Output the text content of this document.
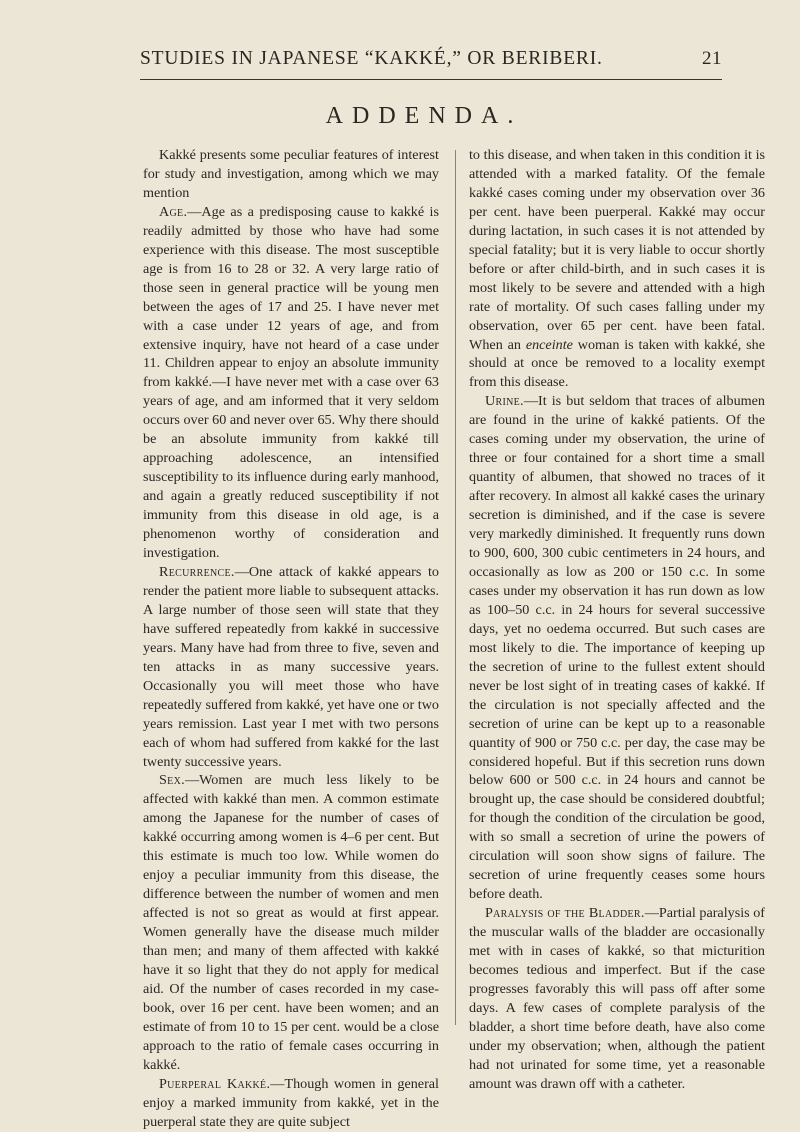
STUDIES IN JAPANESE “KAKKÉ,” OR BERIBERI.	21
ADDENDA.

Kakké presents some peculiar features of interest for study and investigation, among which we may mention

Age.—Age as a predisposing cause to kakké is readily admitted by those who have had some experience with this disease. The most susceptible age is from 16 to 28 or 32. A very large ratio of those seen in general practice will be young men between the ages of 17 and 25. I have never met with a case under 12 years of age, and from extensive inquiry, have not heard of a case under 11. Children appear to enjoy an absolute immunity from kakké.—I have never met with a case over 63 years of age, and am informed that it very seldom occurs over 60 and never over 65. Why there should be an absolute immunity from kakké till approaching adolescence, an intensified susceptibility to its influence during early manhood, and again a greatly reduced susceptibility if not immunity from this disease in old age, is a phenomenon worthy of consideration and investigation.

Recurrence.—One attack of kakké appears to render the patient more liable to subsequent attacks. A large number of those seen will state that they have suffered repeatedly from kakké in successive years. Many have had from three to five, seven and ten attacks in as many successive years. Occasionally you will meet those who have repeatedly suffered from kakké, yet have one or two years remission. Last year I met with two persons each of whom had suffered from kakké for the last twenty successive years.

Sex.—Women are much less likely to be affected with kakké than men. A common estimate among the Japanese for the number of cases of kakké occurring among women is 4–6 per cent. But this estimate is much too low. While women do enjoy a peculiar immunity from this disease, the difference between the number of women and men affected is not so great as would at first appear. Women generally have the disease much milder than men; and many of them affected with kakké have it so light that they do not apply for medical aid. Of the number of cases recorded in my case-book, over 16 per cent. have been women; and an estimate of from 10 to 15 per cent. would be a close approach to the ratio of female cases occurring in kakké.

Puerperal Kakké.—Though women in general enjoy a marked immunity from kakké, yet in the puerperal state they are quite subject

to this disease, and when taken in this condition it is attended with a marked fatality. Of the female kakké cases coming under my observation over 36 per cent. have been puerperal. Kakké may occur during lactation, in such cases it is not attended by special fatality; but it is very liable to occur shortly before or after child-birth, and in such cases it is most likely to be severe and attended with a high rate of mortality. Of such cases falling under my observation, over 65 per cent. have been fatal. When an enceinte woman is taken with kakké, she should at once be removed to a locality exempt from this disease.

Urine.—It is but seldom that traces of albumen are found in the urine of kakké patients. Of the cases coming under my observation, the urine of three or four contained for a short time a small quantity of albumen, that showed no traces of it after recovery. In almost all kakké cases the urinary secretion is diminished, and if the case is severe very markedly diminished. It frequently runs down to 900, 600, 300 cubic centimeters in 24 hours, and occasionally as low as 200 or 150 c.c. In some cases under my observation it has run down as low as 100–50 c.c. in 24 hours for several successive days, yet no oedema occurred. But such cases are most likely to die. The importance of keeping up the secretion of urine to the fullest extent should never be lost sight of in treating cases of kakké. If the circulation is not specially affected and the secretion of urine can be kept up to a reasonable quantity of 900 or 750 c.c. per day, the case may be considered hopeful. But if this secretion runs down below 600 or 500 c.c. in 24 hours and cannot be brought up, the case should be considered doubtful; for though the condition of the circulation be good, with so small a secretion of urine the powers of circulation will soon show signs of failure. The secretion of urine frequently ceases some hours before death.

Paralysis of the Bladder.—Partial paralysis of the muscular walls of the bladder are occasionally met with in cases of kakké, so that micturition becomes tedious and imperfect. But if the case progresses favorably this will pass off after some days. A few cases of complete paralysis of the bladder, a short time before death, have also come under my observation; when, although the patient had not urinated for some time, yet a reasonable amount was drawn off with a catheter.
